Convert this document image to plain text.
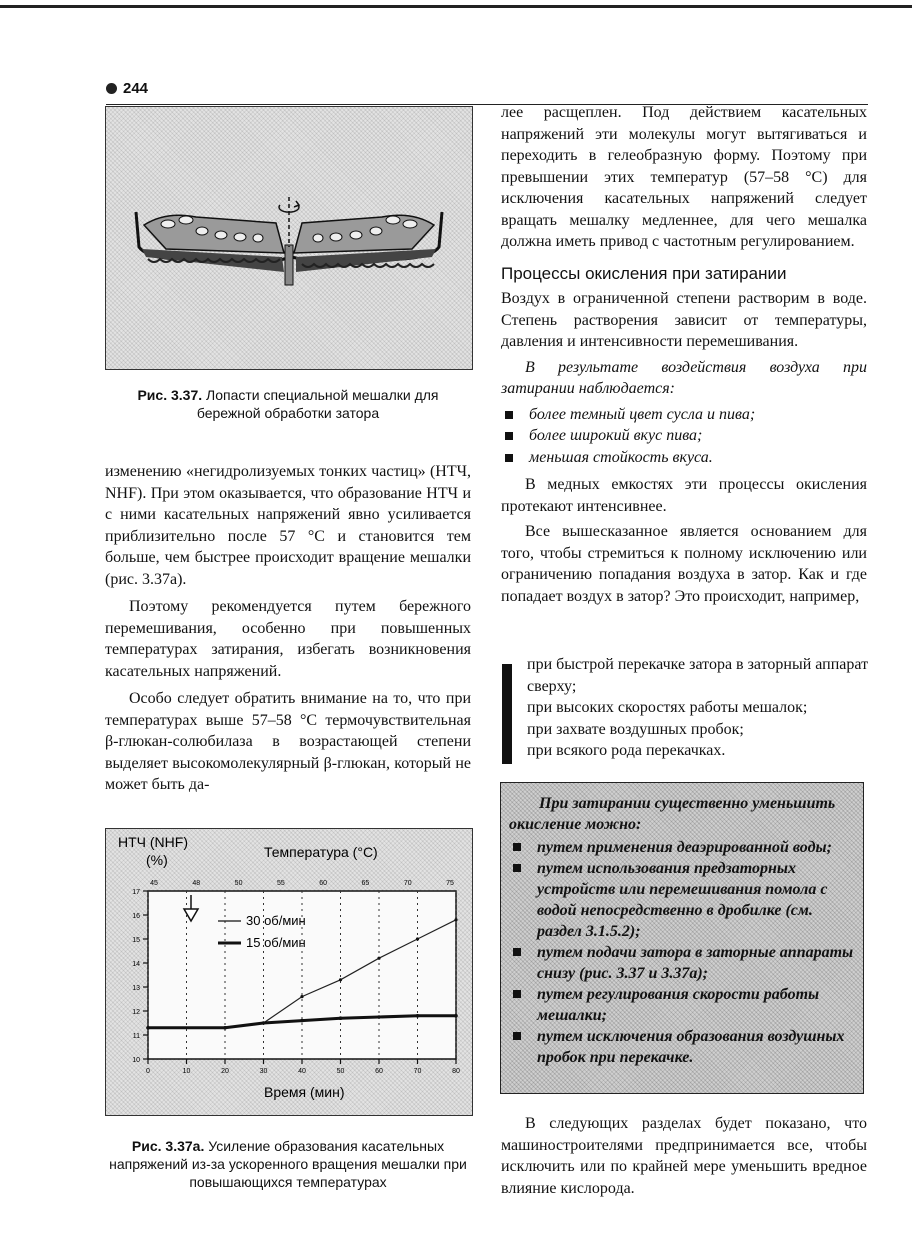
244
Рис. 3.37. Лопасти специальной мешалки для бережной обработки затора

изменению «негидролизуемых тонких частиц» (НТЧ, NHF). При этом оказывается, что образование НТЧ и с ними касательных напряжений явно усиливается приблизительно после 57 °С и становится тем больше, чем быстрее происходит вращение мешалки (рис. 3.37а).

Поэтому рекомендуется путем бережного перемешивания, особенно при повышенных температурах затирания, избегать возникновения касательных напряжений.

Особо следует обратить внимание на то, что при температурах выше 57–58 °С термочувствительная β-глюкан-солюбилаза в возрастающей степени выделяет высокомолекулярный β-глюкан, который не может быть да-

0	10	20	30	40	50	60	70	80
45	48	50	55	60	65	70	75
10
11
12
13
14
15
16
17
НТЧ (NHF)
(%)	Температура (°С)
Время (мин)
30 об/мин
15 об/мин
Рис. 3.37а. Усиление образования касательных напряжений из-за ускоренного вращения мешалки при повышающихся температурах

лее расщеплен. Под действием касательных напряжений эти молекулы могут вытягиваться и переходить в гелеобразную форму. Поэтому при превышении этих температур (57–58 °С) для исключения касательных напряжений следует вращать мешалку медленнее, для чего мешалка должна иметь привод с частотным регулированием.

Процессы окисления при затирании

Воздух в ограниченной степени растворим в воде. Степень растворения зависит от температуры, давления и интенсивности перемешивания.

В результате воздействия воздуха при затирании наблюдается:

более темный цвет сусла и пива;
более широкий вкус пива;
меньшая стойкость вкуса.

В медных емкостях эти процессы окисления протекают интенсивнее.

Все вышесказанное является основанием для того, чтобы стремиться к полному исключению или ограничению попадания воздуха в затор. Как и где попадает воздух в затор? Это происходит, например,

при быстрой перекачке затора в заторный аппарат сверху;

при высоких скоростях работы мешалок;

при захвате воздушных пробок;

при всякого рода перекачках.

При затирании существенно уменьшить окисление можно:
путем применения деаэрированной воды;
путем использования предзаторных устройств или перемешивания помола с водой непосредственно в дробилке (см. раздел 3.1.5.2);
путем подачи затора в заторные аппараты снизу (рис. 3.37 и 3.37а);
путем регулирования скорости работы мешалки;
путем исключения образования воздушных пробок при перекачке.

В следующих разделах будет показано, что машиностроителями предпринимается все, чтобы исключить или по крайней мере уменьшить вредное влияние кислорода.
